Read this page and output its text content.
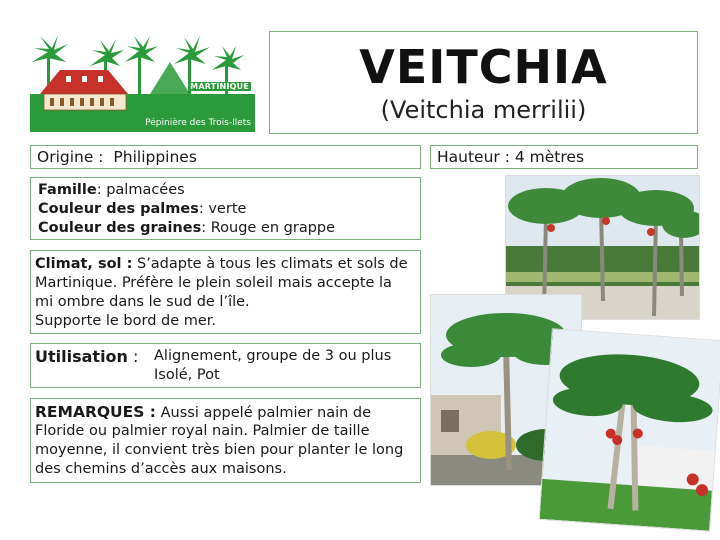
MARTINIQUE
Pépinière des Trois-Ilets
VEITCHIA
(Veitchia merrilii)
Origine : Philippines	Hauteur : 4 mètres
Famille: palmacées
Couleur des palmes: verte
Couleur des graines: Rouge en grappe
Climat, sol : S’adapte à tous les climats et sols de
Martinique. Préfère le plein soleil mais accepte la
mi ombre dans le sud de l’île.
Supporte le bord de mer.
Utilisation : Alignement, groupe de 3 ou plus
Isolé, Pot
REMARQUES : Aussi appelé palmier nain de
Floride ou palmier royal nain. Palmier de taille
moyenne, il convient très bien pour planter le long
des chemins d’accès aux maisons.
